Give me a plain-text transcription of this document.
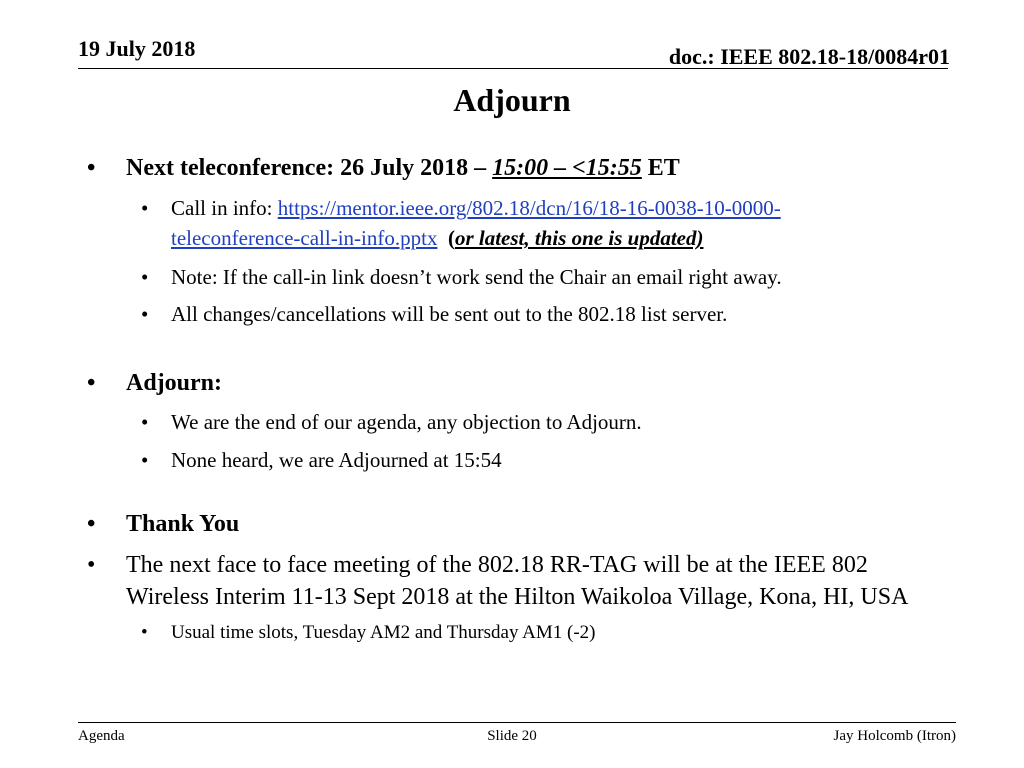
19 July 2018	doc.: IEEE 802.18-18/0084r01
Adjourn
• Next teleconference: 26 July 2018 – 15:00 – <15:55 ET
• Call in info: https://mentor.ieee.org/802.18/dcn/16/18-16-0038-10-0000-
teleconference-call-in-info.pptx (or latest, this one is updated)
• Note: If the call-in link doesn’t work send the Chair an email right away.
• All changes/cancellations will be sent out to the 802.18 list server.
• Adjourn:
• We are the end of our agenda, any objection to Adjourn.
• None heard, we are Adjourned at 15:54
• Thank You
• The next face to face meeting of the 802.18 RR-TAG will be at the IEEE 802
Wireless Interim 11-13 Sept 2018 at the Hilton Waikoloa Village, Kona, HI, USA
• Usual time slots, Tuesday AM2 and Thursday AM1 (-2)
Agenda	Slide 20	Jay Holcomb (Itron)
